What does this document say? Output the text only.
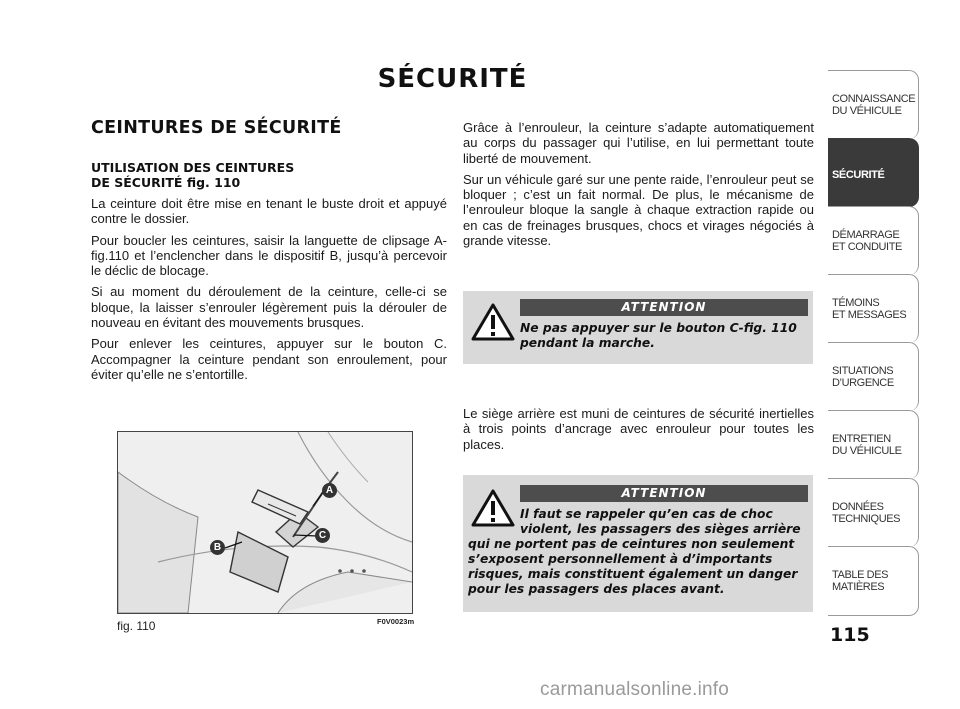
SÉCURITÉ
CEINTURES DE SÉCURITÉ
UTILISATION DES CEINTURES
DE SÉCURITÉ fig. 110

La ceinture doit être mise en tenant le buste droit et appuyé contre le dossier.

Pour boucler les ceintures, saisir la languette de clipsage A-fig.110 et l’enclencher dans le dispositif B, jusqu’à percevoir le déclic de blocage.

Si au moment du déroulement de la ceinture, celle-ci se bloque, la laisser s’enrouler légèrement puis la dérouler de nouveau en évitant des mouvements brusques.

Pour enlever les ceintures, appuyer sur le bouton C. Accompagner la ceinture pendant son enroulement, pour éviter qu’elle ne s’entortille.

A
B
C
fig. 110	F0V0023m

Grâce à l’enrouleur, la ceinture s’adapte automatiquement au corps du passager qui l’utilise, en lui permettant toute liberté de mouvement.

Sur un véhicule garé sur une pente raide, l’enrouleur peut se bloquer ; c’est un fait normal. De plus, le mécanisme de l’enrouleur bloque la sangle à chaque extraction rapide ou en cas de freinages brusques, chocs et virages négociés à grande vitesse.

ATTENTION
Ne pas appuyer sur le bouton C-fig. 110 pendant la marche.

Le siège arrière est muni de ceintures de sécurité inertielles à trois points d’ancrage avec enrouleur pour toutes les places.

ATTENTION
Il faut se rappeler qu’en cas de choc violent, les passagers des sièges arrière qui ne portent pas de ceintures non seulement s’exposent personnellement à d’importants risques, mais constituent également un danger pour les passagers des places avant.
CONNAISSANCE
DU VÉHICULE
SÉCURITÉ
DÉMARRAGE
ET CONDUITE
TÉMOINS
ET MESSAGES
SITUATIONS
D’URGENCE
ENTRETIEN
DU VÉHICULE
DONNÉES
TECHNIQUES
TABLE DES
MATIÈRES
115
carmanualsonline.info
